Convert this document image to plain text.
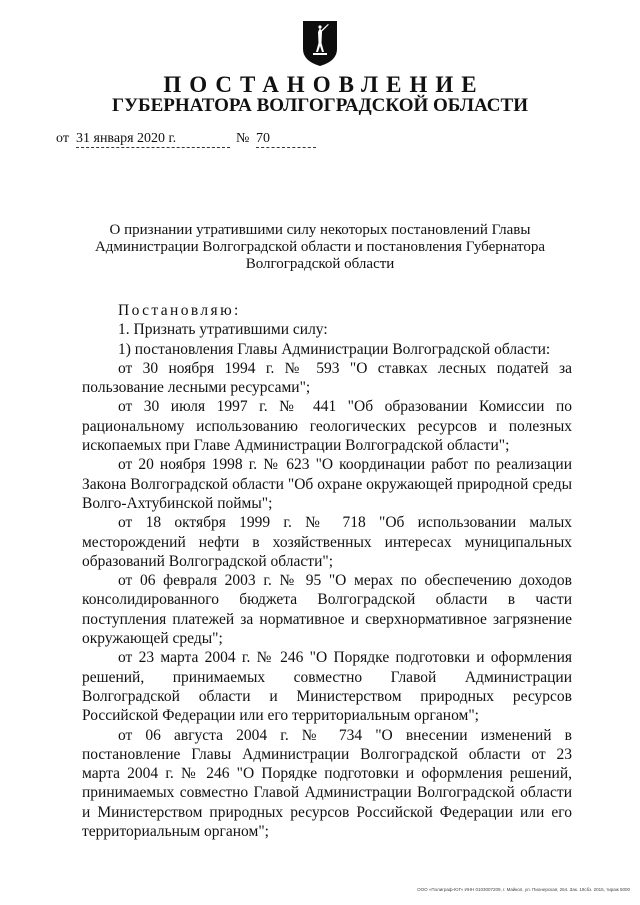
ПОСТАНОВЛЕНИЕ
ГУБЕРНАТОРА ВОЛГОГРАДСКОЙ ОБЛАСТИ
от 31 января 2020 г.	№ 70

О признании утратившими силу некоторых постановлений Главы Администрации Волгоградской области и постановления Губернатора Волгоградской области

Постановляю:

1. Признать утратившими силу:

1) постановления Главы Администрации Волгоградской области:

от 30 ноября 1994 г. № 593 "О ставках лесных податей за пользование лесными ресурсами";

от 30 июля 1997 г. № 441 "Об образовании Комиссии по рациональному использованию геологических ресурсов и полезных ископаемых при Главе Администрации Волгоградской области";

от 20 ноября 1998 г. № 623 "О координации работ по реализации Закона Волгоградской области "Об охране окружающей природной среды Волго-Ахтубинской поймы";

от 18 октября 1999 г. № 718 "Об использовании малых месторождений нефти в хозяйственных интересах муниципальных образований Волгоградской области";

от 06 февраля 2003 г. № 95 "О мерах по обеспечению доходов консолидированного бюджета Волгоградской области в части поступления платежей за нормативное и сверхнормативное загрязнение окружающей среды";

от 23 марта 2004 г. № 246 "О Порядке подготовки и оформления решений, принимаемых совместно Главой Администрации Волгоградской области и Министерством природных ресурсов Российской Федерации или его территориальным органом";

от 06 августа 2004 г. № 734 "О внесении изменений в постановление Главы Администрации Волгоградской области от 23 марта 2004 г. № 246 "О Порядке подготовки и оформления решений, принимаемых совместно Главой Администрации Волгоградской области и Министерством природных ресурсов Российской Федерации или его территориальным органом";

ООО «Полиграф-ЮГ» ИНН 0103007209, г. Майкоп, ул. Пионерская, 264. Зак. 19сбз. 2015, тираж 5000
